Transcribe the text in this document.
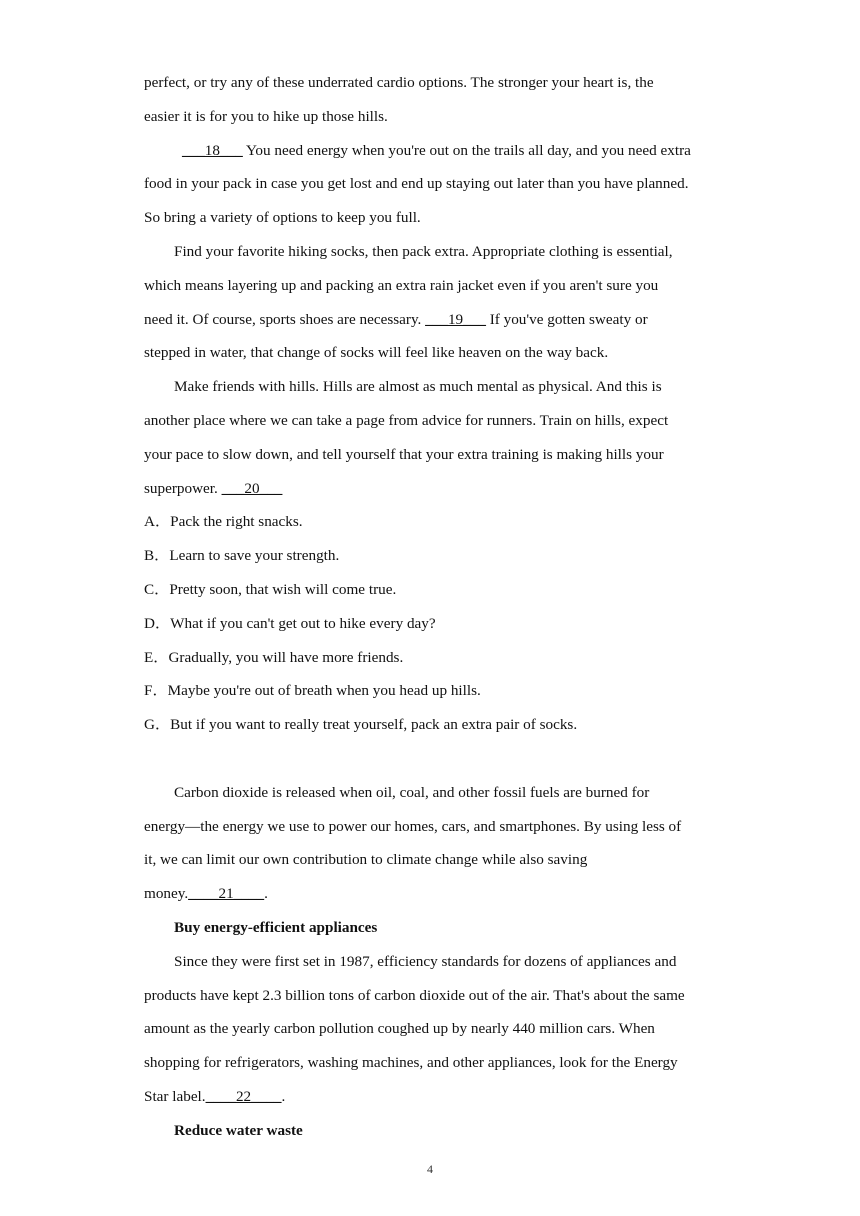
perfect, or try any of these underrated cardio options. The stronger your heart is, the
easier it is for you to hike up those hills.
___18___ You need energy when you're out on the trails all day, and you need extra
food in your pack in case you get lost and end up staying out later than you have planned.
So bring a variety of options to keep you full.
Find your favorite hiking socks, then pack extra. Appropriate clothing is essential,
which means layering up and packing an extra rain jacket even if you aren't sure you
need it. Of course, sports shoes are necessary. ___19___ If you've gotten sweaty or
stepped in water, that change of socks will feel like heaven on the way back.
Make friends with hills. Hills are almost as much mental as physical. And this is
another place where we can take a page from advice for runners. Train on hills, expect
your pace to slow down, and tell yourself that your extra training is making hills your
superpower. ___20___
A．Pack the right snacks.
B．Learn to save your strength.
C．Pretty soon, that wish will come true.
D．What if you can't get out to hike every day?
E．Gradually, you will have more friends.
F．Maybe you're out of breath when you head up hills.
G．But if you want to really treat yourself, pack an extra pair of socks.
Carbon dioxide is released when oil, coal, and other fossil fuels are burned for
energy—the energy we use to power our homes, cars, and smartphones. By using less of
it, we can limit our own contribution to climate change while also saving
money.____21____.
Buy energy-efficient appliances
Since they were first set in 1987, efficiency standards for dozens of appliances and
products have kept 2.3 billion tons of carbon dioxide out of the air. That's about the same
amount as the yearly carbon pollution coughed up by nearly 440 million cars. When
shopping for refrigerators, washing machines, and other appliances, look for the Energy
Star label.____22____.
Reduce water waste
4
